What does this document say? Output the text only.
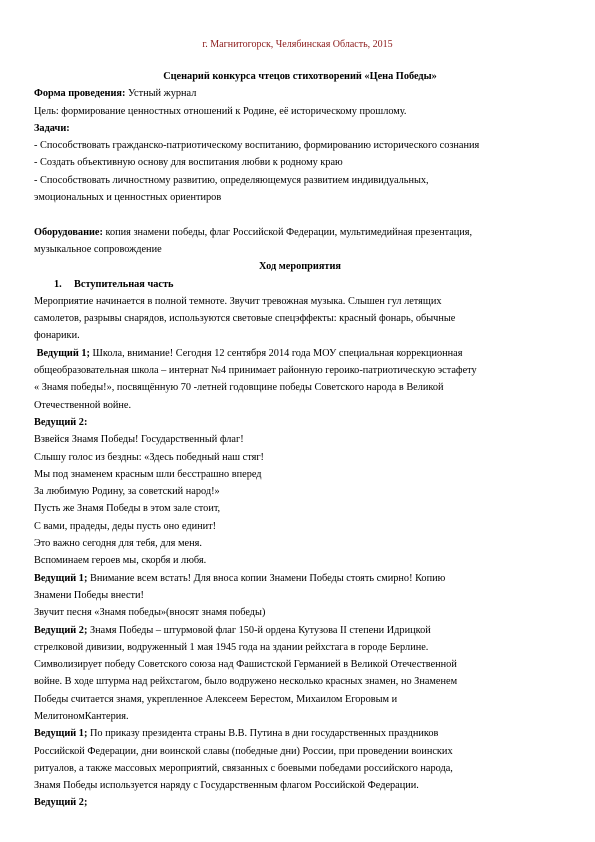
г. Магнитогорск, Челябинская Область, 2015

Сценарий конкурса чтецов стихотворений «Цена Победы»

Форма проведения: Устный журнал

Цель: формирование ценностных отношений к Родине, её историческому прошлому.

Задачи:

- Способствовать гражданско-патриотическому воспитанию, формированию исторического сознания

- Создать объективную основу для воспитания любви к родному краю

- Способствовать личностному развитию, определяющемуся развитием индивидуальных,

эмоциональных и ценностных ориентиров

Оборудование: копия знамени победы, флаг Российской Федерации, мультимедийная презентация,

музыкальное сопровождение

Ход мероприятия

1. Вступительная часть

Мероприятие начинается в полной темноте. Звучит тревожная музыка. Слышен гул летящих

самолетов, разрывы снарядов, используются световые спецэффекты: красный фонарь, обычные

фонарики.

Ведущий 1; Школа, внимание! Сегодня 12 сентября 2014 года МОУ специальная коррекционная

общеобразовательная школа – интернат №4 принимает районную героико-патриотическую эстафету

« Знамя победы!», посвящённую 70 -летней годовщине победы Советского народа в Великой

Отечественной войне.

Ведущий 2:

Взвейся Знамя Победы! Государственный флаг!

Слышу голос из бездны: «Здесь победный наш стяг!

Мы под знаменем красным шли бесстрашно вперед

За любимую Родину, за советский народ!»

Пусть же Знамя Победы в этом зале стоит,

С вами, прадеды, деды пусть оно единит!

Это важно сегодня для тебя, для меня.

Вспоминаем героев мы, скорбя и любя.

Ведущий 1; Внимание всем встать! Для вноса копии Знамени Победы стоять смирно! Копию

Знамени Победы внести!

Звучит песня «Знамя победы»(вносят знамя победы)

Ведущий 2; Знамя Победы – штурмовой флаг 150-й ордена Кутузова II степени Идрицкой

стрелковой дивизии, водруженный 1 мая 1945 года на здании рейхстага в городе Берлине.

Символизирует победу Советского союза над Фашистской Германией в Великой Отечественной

войне. В ходе штурма над рейхстагом, было водружено несколько красных знамен, но Знаменем

Победы считается знамя, укрепленное Алексеем Берестом, Михаилом Егоровым и

МелитономКантерия.

Ведущий 1; По приказу президента страны В.В. Путина в дни государственных праздников

Российской Федерации, дни воинской славы (победные дни) России, при проведении воинских

ритуалов, а также массовых мероприятий, связанных с боевыми победами российского народа,

Знамя Победы используется наряду с Государственным флагом Российской Федерации.

Ведущий 2;
